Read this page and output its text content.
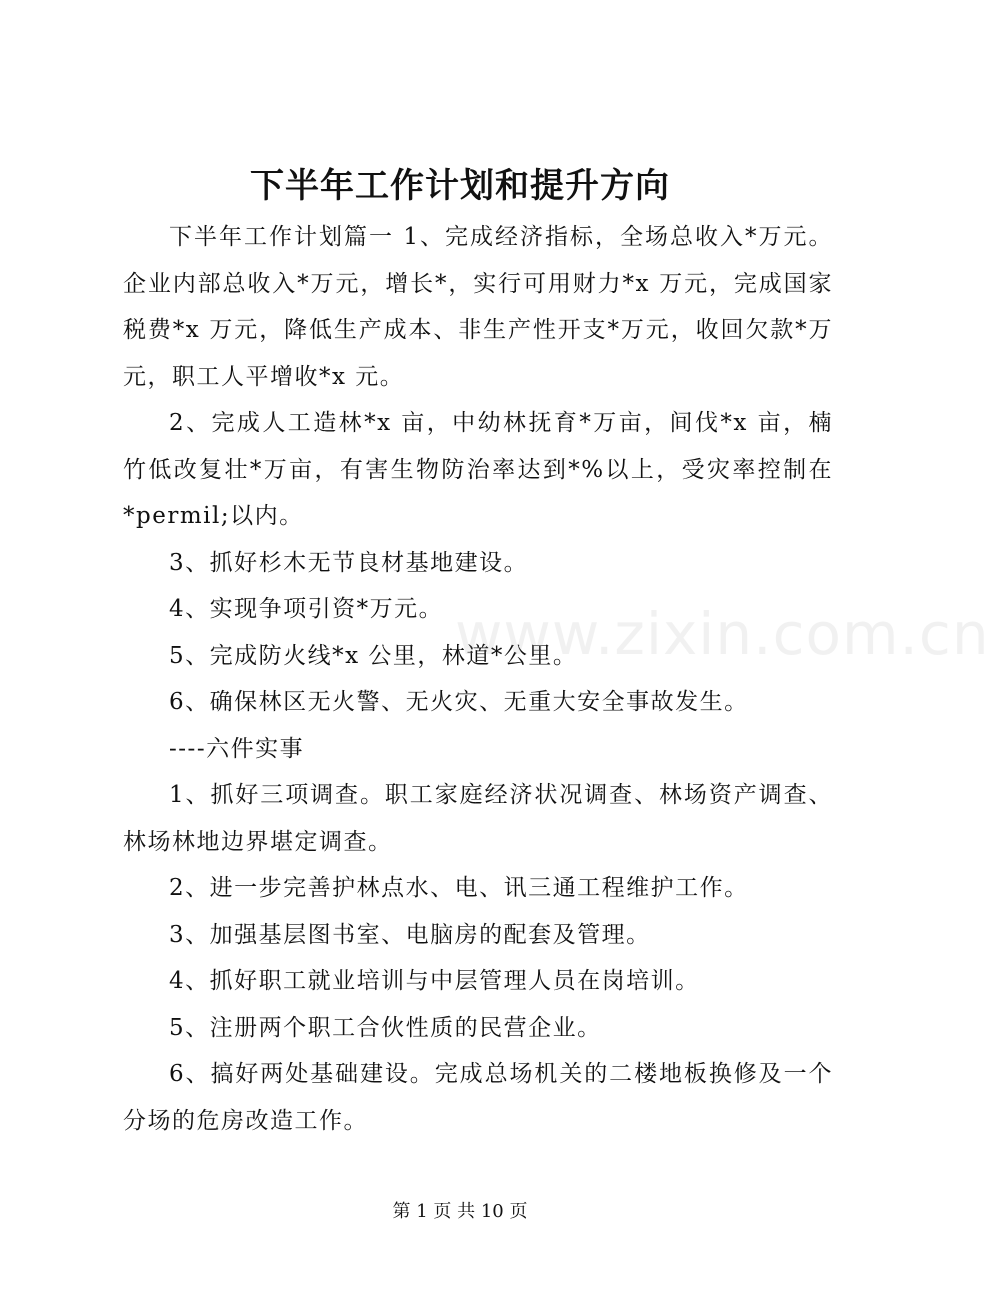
下半年工作计划和提升方向

下半年工作计划篇一 1、完成经济指标，全场总收入*万元。企业内部总收入*万元，增长*，实行可用财力*x 万元，完成国家税费*x 万元，降低生产成本、非生产性开支*万元，收回欠款*万元，职工人平增收*x 元。

2、完成人工造林*x 亩，中幼林抚育*万亩，间伐*x 亩，楠竹低改复壮*万亩，有害生物防治率达到*%以上，受灾率控制在*permil;以内。

3、抓好杉木无节良材基地建设。

4、实现争项引资*万元。

5、完成防火线*x 公里，林道*公里。

6、确保林区无火警、无火灾、无重大安全事故发生。

----六件实事

1、抓好三项调查。职工家庭经济状况调查、林场资产调查、林场林地边界堪定调查。

2、进一步完善护林点水、电、讯三通工程维护工作。

3、加强基层图书室、电脑房的配套及管理。

4、抓好职工就业培训与中层管理人员在岗培训。

5、注册两个职工合伙性质的民营企业。

6、搞好两处基础建设。完成总场机关的二楼地板换修及一个分场的危房改造工作。

www.zixin.com.cn
第 1 页 共 10 页
